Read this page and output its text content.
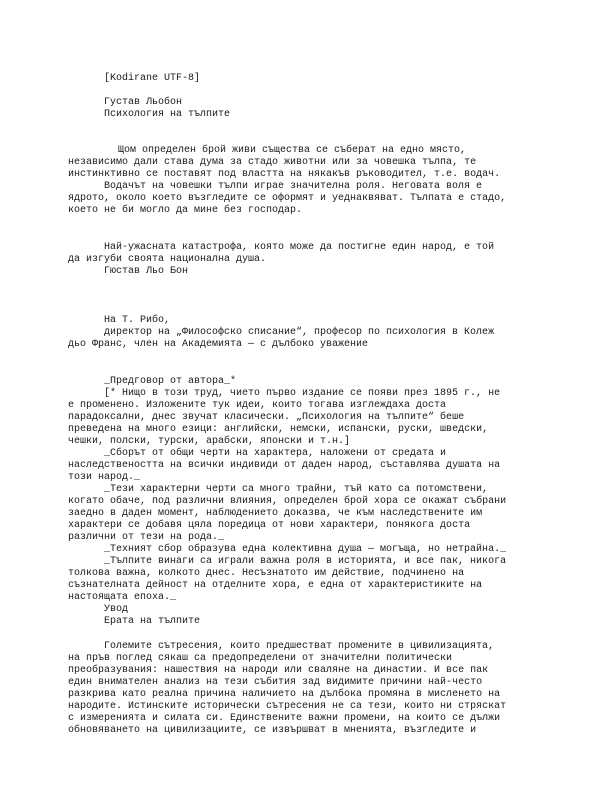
[Kodirane UTF-8]
Густав Льобон
Психология на тълпите
Щом определен брой живи същества се съберат на едно място,
независимо дали става дума за стадо животни или за човешка тълпа, те
инстинктивно се поставят под властта на някакъв ръководител, т.е. водач.
Водачът на човешки тълпи играе значителна роля. Неговата воля е
ядрото, около което възгледите се оформят и уеднаквяват. Тълпата е стадо,
което не би могло да мине без господар.
Най-ужасната катастрофа, която може да постигне един народ, е той
да изгуби своята национална душа.
Гюстав Льо Бон
На Т. Рибо,
директор на „Философско списание“, професор по психология в Колеж
дьо Франс, член на Академията — с дълбоко уважение
_Предговор от автора_*
[* Нищо в този труд, чието първо издание се появи през 1895 г., не
е променено. Изложените тук идеи, които тогава изглеждаха доста
парадоксални, днес звучат класически. „Психология на тълпите“ беше
преведена на много езици: английски, немски, испански, руски, шведски,
чешки, полски, турски, арабски, японски и т.н.]
_Сборът от общи черти на характера, наложени от средата и
наследствеността на всички индивиди от даден народ, съставлява душата на
този народ._
_Тези характерни черти са много трайни, тъй като са потомствени,
когато обаче, под различни влияния, определен брой хора се окажат събрани
заедно в даден момент, наблюдението доказва, че към наследствените им
характери се добавя цяла поредица от нови характери, понякога доста
различни от тези на рода._
_Техният сбор образува една колективна душа — могъща, но нетрайна._
_Тълпите винаги са играли важна роля в историята, и все пак, никога
толкова важна, колкото днес. Несъзнатото им действие, подчинено на
съзнателната дейност на отделните хора, е една от характеристиките на
настоящата епоха._
Увод
Ерата на тълпите
Големите сътресения, които предшестват промените в цивилизацията,
на пръв поглед сякаш са предопределени от значителни политически
преобразувания: нашествия на народи или сваляне на династии. И все пак
един внимателен анализ на тези събития зад видимите причини най-често
разкрива като реална причина наличието на дълбока промяна в мисленето на
народите. Истинските исторически сътресения не са тези, които ни стряскат
с измеренията и силата си. Единствените важни промени, на които се дължи
обновяването на цивилизациите, се извършват в мненията, възгледите и
